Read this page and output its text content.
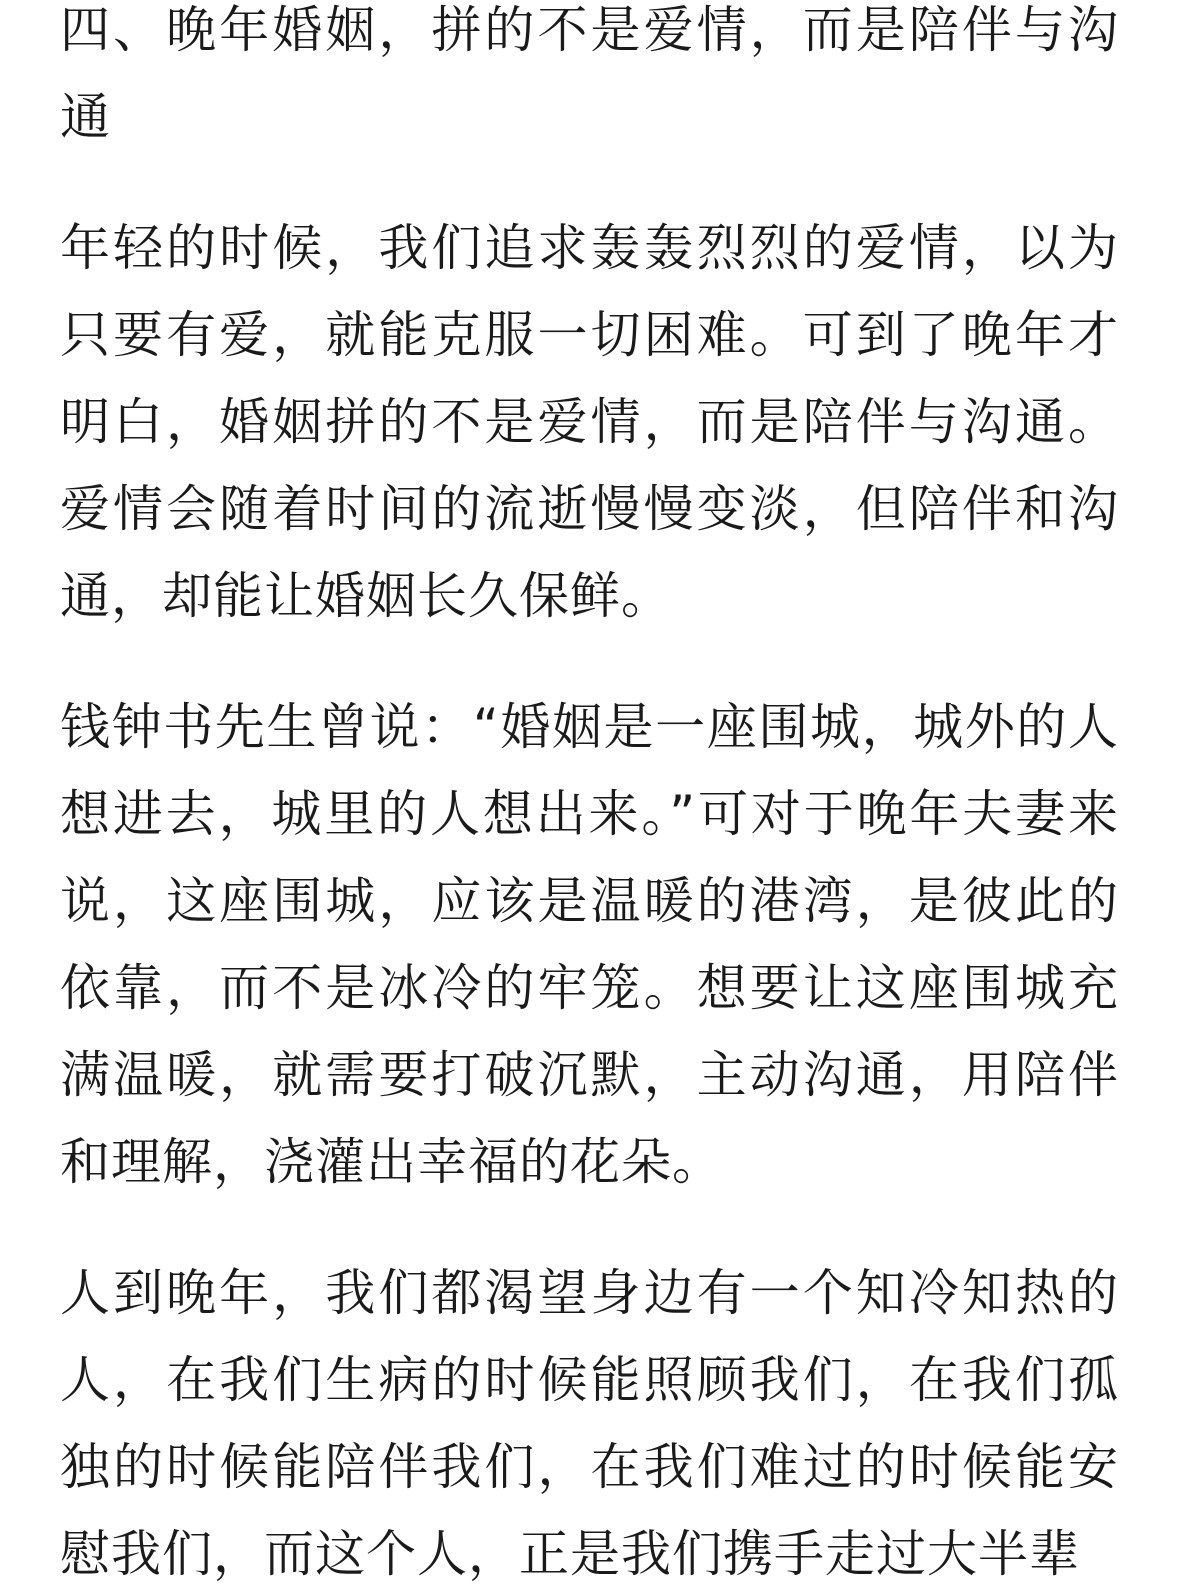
四、晚年婚姻，拼的不是爱情，而是陪伴与沟通

年轻的时候，我们追求轰轰烈烈的爱情，以为只要有爱，就能克服一切困难。可到了晚年才明白，婚姻拼的不是爱情，而是陪伴与沟通。爱情会随着时间的流逝慢慢变淡，但陪伴和沟通，却能让婚姻长久保鲜。

钱钟书先生曾说：“婚姻是一座围城，城外的人想进去，城里的人想出来。”可对于晚年夫妻来说，这座围城，应该是温暖的港湾，是彼此的依靠，而不是冰冷的牢笼。想要让这座围城充满温暖，就需要打破沉默，主动沟通，用陪伴和理解，浇灌出幸福的花朵。

人到晚年，我们都渴望身边有一个知冷知热的人，在我们生病的时候能照顾我们，在我们孤独的时候能陪伴我们，在我们难过的时候能安慰我们，而这个人，正是我们携手走过大半辈
